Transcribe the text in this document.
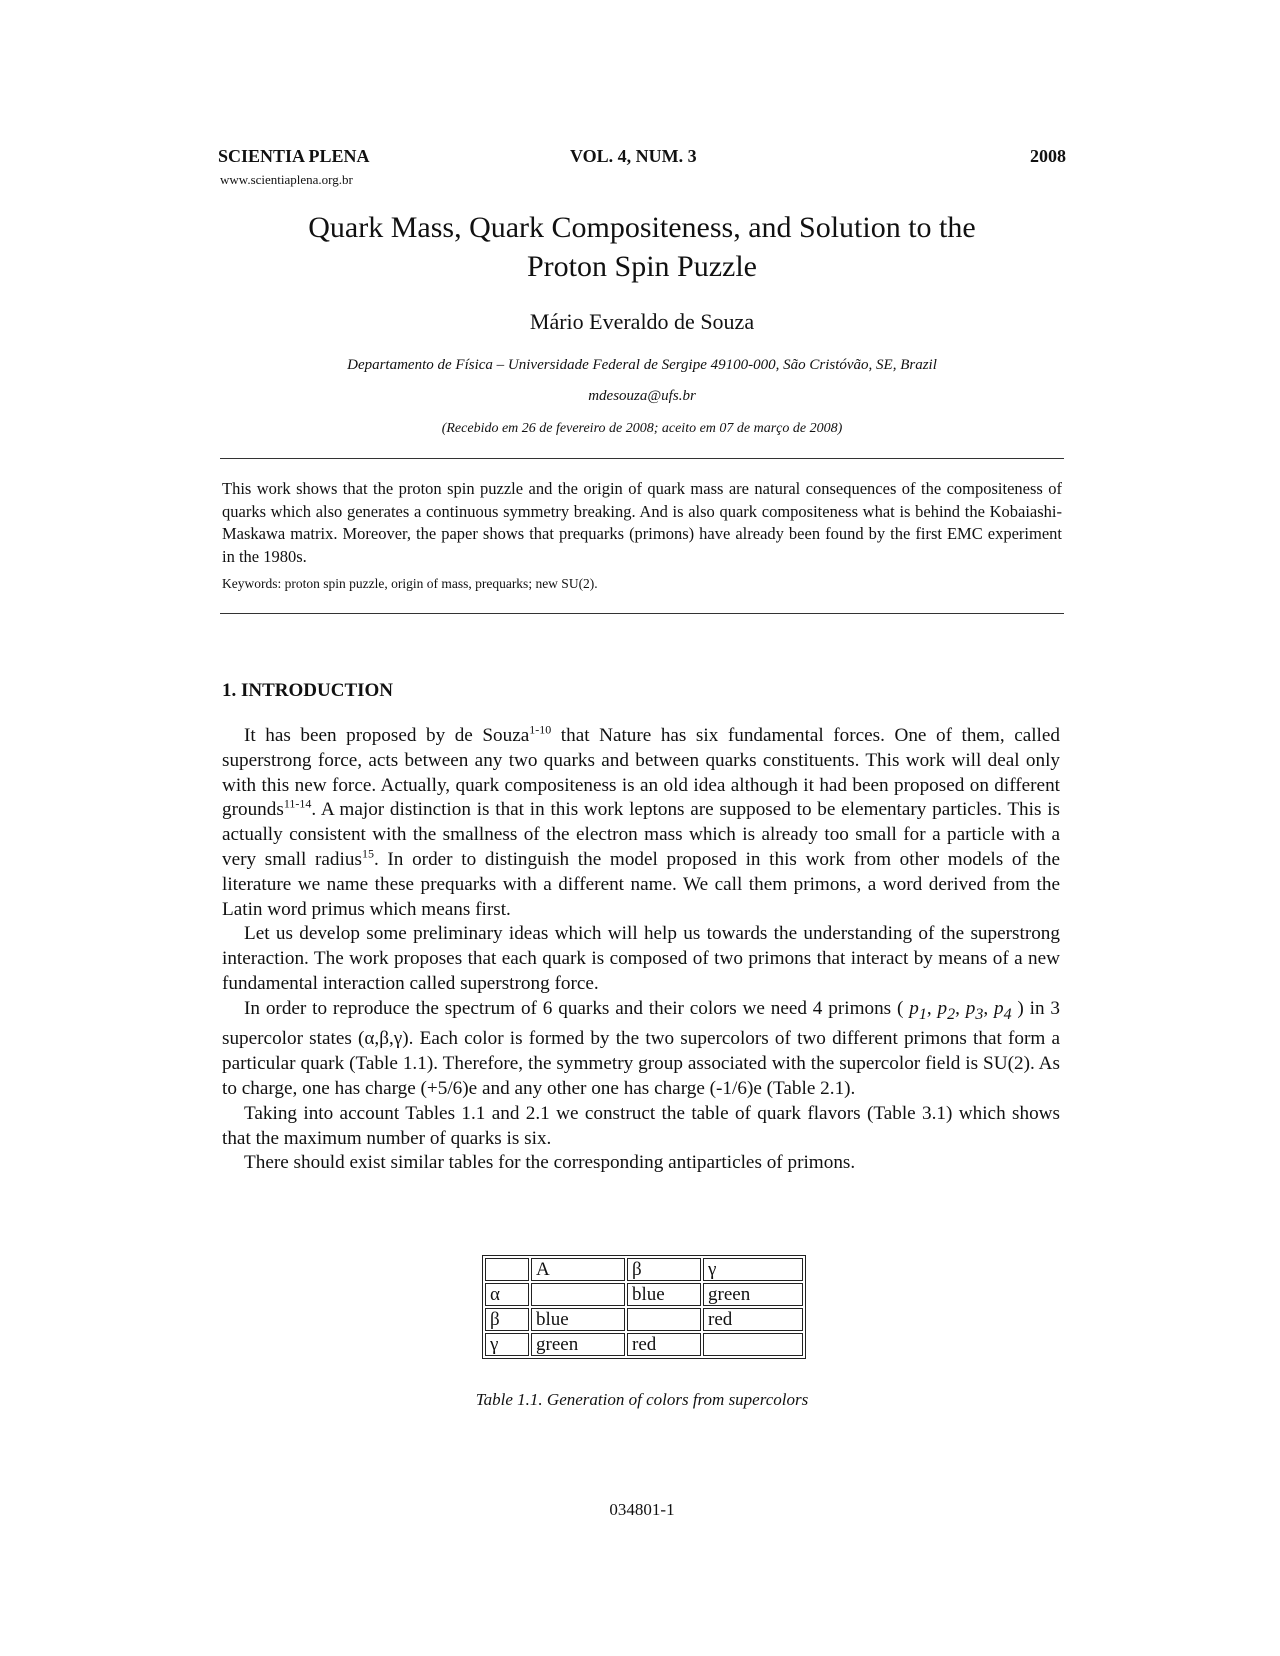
SCIENTIA PLENA	VOL. 4, NUM. 3	2008
www.scientiaplena.org.br
Quark Mass, Quark Compositeness, and Solution to the
Proton Spin Puzzle
Mário Everaldo de Souza
Departamento de Física – Universidade Federal de Sergipe 49100-000, São Cristóvão, SE, Brazil
mdesouza@ufs.br
(Recebido em 26 de fevereiro de 2008; aceito em 07 de março de 2008)
This work shows that the proton spin puzzle and the origin of quark mass are natural consequences of the compositeness of quarks which also generates a continuous symmetry breaking. And is also quark compositeness what is behind the Kobaiashi-Maskawa matrix. Moreover, the paper shows that prequarks (primons) have already been found by the first EMC experiment in the 1980s.
Keywords: proton spin puzzle, origin of mass, prequarks; new SU(2).
1. INTRODUCTION

It has been proposed by de Souza$^{1-10}$ that Nature has six fundamental forces. One of them, called superstrong force, acts between any two quarks and between quarks constituents. This work will deal only with this new force. Actually, quark compositeness is an old idea although it had been proposed on different grounds$^{11-14}$. A major distinction is that in this work leptons are supposed to be elementary particles. This is actually consistent with the smallness of the electron mass which is already too small for a particle with a very small radius$^{15}$. In order to distinguish the model proposed in this work from other models of the literature we name these prequarks with a different name. We call them primons, a word derived from the Latin word primus which means first.

Let us develop some preliminary ideas which will help us towards the understanding of the superstrong interaction. The work proposes that each quark is composed of two primons that interact by means of a new fundamental interaction called superstrong force.

In order to reproduce the spectrum of 6 quarks and their colors we need 4 primons ( $p_1$, $p_2$, $p_3$, $p_4$ ) in 3 supercolor states (α,β,γ). Each color is formed by the two supercolors of two different primons that form a particular quark (Table 1.1). Therefore, the symmetry group associated with the supercolor field is SU(2). As to charge, one has charge (+5/6)e and any other one has charge (-1/6)e (Table 2.1).

Taking into account Tables 1.1 and 2.1 we construct the table of quark flavors (Table 3.1) which shows that the maximum number of quarks is six.

There should exist similar tables for the corresponding antiparticles of primons.

	A	β	γ
α		blue	green
β	blue		red
γ	green	red	
Table 1.1. Generation of colors from supercolors
034801-1
